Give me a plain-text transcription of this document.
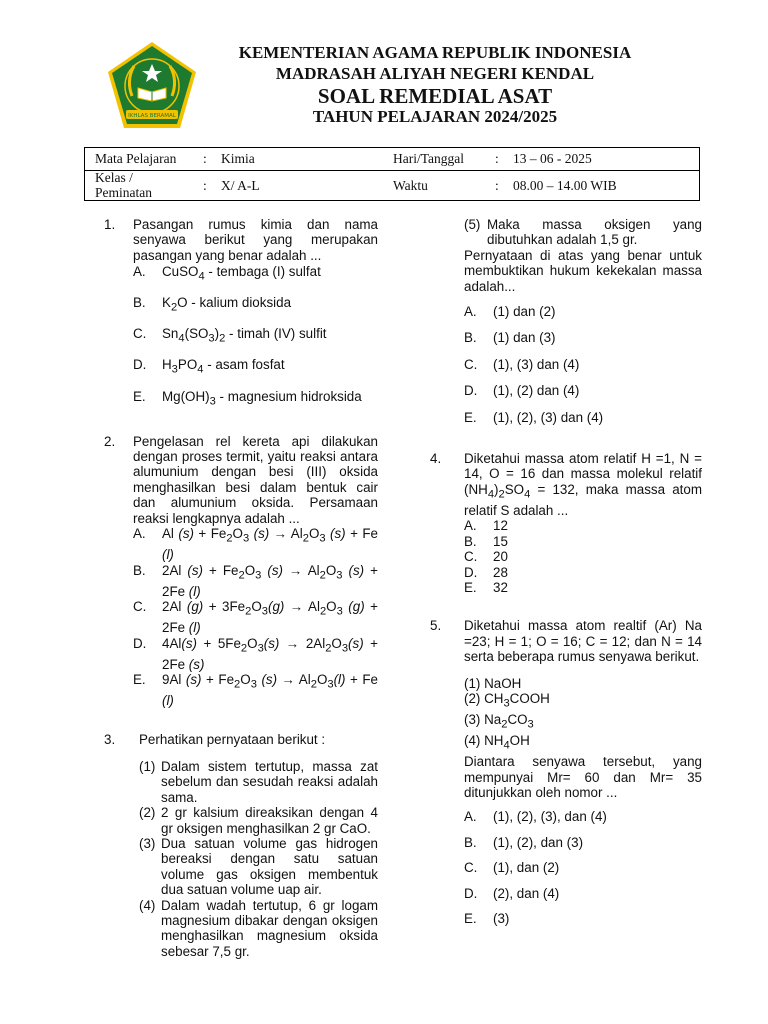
IKHLAS BERAMAL
KEMENTERIAN AGAMA REPUBLIK INDONESIA
MADRASAH ALIYAH NEGERI KENDAL
SOAL REMEDIAL ASAT
TAHUN PELAJARAN 2024/2025
Mata Pelajaran : Kimia	Hari/Tanggal : 13 – 06 - 2025
Kelas /
Peminatan	: X/ A-L	Waktu	: 08.00 – 14.00 WIB
1. Pasangan rumus kimia dan nama senyawa berikut yang merupakan pasangan yang benar adalah ...
A. CuSO$_4$ - tembaga (I) sulfat
B. $K_2O$ - kalium dioksida
C. $Sn_4(SO_3)_2$ - timah (IV) sulfit
D. $H_3PO_4$ - asam fosfat
E. $Mg(OH)_3$ - magnesium hidroksida
2. Pengelasan rel kereta api dilakukan dengan proses termit, yaitu reaksi antara alumunium dengan besi (III) oksida menghasilkan besi dalam bentuk cair dan alumunium oksida. Persamaan reaksi lengkapnya adalah ...
A. Al $(s) + Fe_2O_3$ $(s) \to Al_2O_3$ (s) + Fe (l)
B. 2Al $(s) + Fe_2O_3$ $(s) \to Al_2O_3$ (s) + 2Fe (l)
C. 2Al $(g) + 3Fe_2O_3(g) \to Al_2O_3$ (g) + 2Fe (l)
D. $4Al(s) + 5Fe_2O_3(s) \to 2Al_2O_3(s) + 2Fe$ (s)
E. 9Al $(s) + Fe_2O_3$ $(s) \to Al_2O_3(l) + Fe$ (l)
3. Perhatikan pernyataan berikut :
(1) Dalam sistem tertutup, massa zat sebelum dan sesudah reaksi adalah sama.
(2) 2 gr kalsium direaksikan dengan 4 gr oksigen menghasilkan 2 gr CaO.
(3) Dua satuan volume gas hidrogen bereaksi dengan satu satuan volume gas oksigen membentuk dua satuan volume uap air.
(4) Dalam wadah tertutup, 6 gr logam magnesium dibakar dengan oksigen menghasilkan magnesium oksida sebesar 7,5 gr.
(5) Maka massa oksigen yang dibutuhkan adalah 1,5 gr.
Pernyataan di atas yang benar untuk membuktikan hukum kekekalan massa adalah...
A. (1) dan (2)
B. (1) dan (3)
C. (1), (3) dan (4)
D. (1), (2) dan (4)
E. (1), (2), (3) dan (4)
4. Diketahui massa atom relatif H =1, N = 14, O = 16 dan massa molekul relatif $(NH_4)_2SO_4 = 132$, maka massa atom relatif S adalah ...
A. 12
B. 15
C. 20
D. 28
E. 32
5. Diketahui massa atom realtif (Ar) Na =23; H = 1; O = 16; C = 12; dan N = 14 serta beberapa rumus senyawa berikut.
(1) NaOH
(2) $CH_3COOH$
(3) $Na_2CO_3$
(4) $NH_4OH$
Diantara senyawa tersebut, yang mempunyai Mr= 60 dan Mr= 35 ditunjukkan oleh nomor ...
A. (1), (2), (3), dan (4)
B. (1), (2), dan (3)
C. (1), dan (2)
D. (2), dan (4)
E. (3)
